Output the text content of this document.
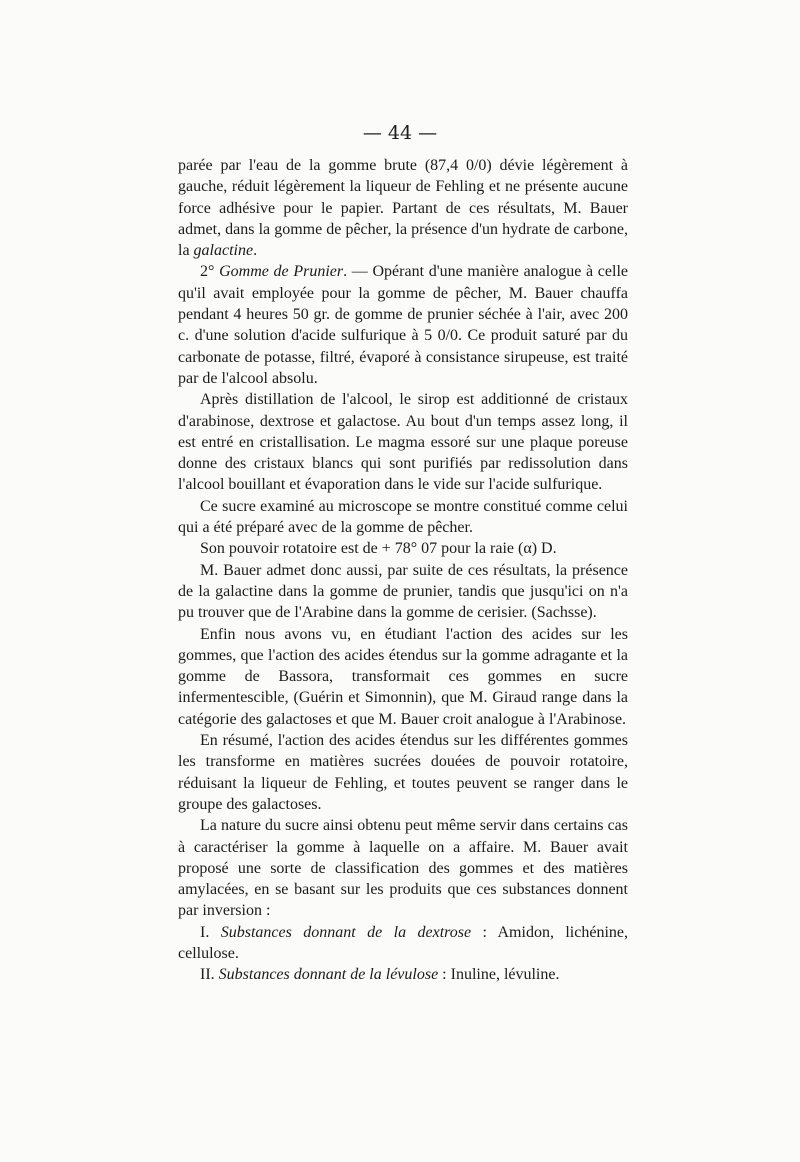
— 44 —

parée par l'eau de la gomme brute (87,4 0/0) dévie légèrement à gauche, réduit légèrement la liqueur de Fehling et ne présente aucune force adhésive pour le papier. Partant de ces résultats, M. Bauer admet, dans la gomme de pêcher, la présence d'un hydrate de carbone, la galactine.

2° Gomme de Prunier. — Opérant d'une manière analogue à celle qu'il avait employée pour la gomme de pêcher, M. Bauer chauffa pendant 4 heures 50 gr. de gomme de prunier séchée à l'air, avec 200 c. d'une solution d'acide sulfurique à 5 0/0. Ce produit saturé par du carbonate de potasse, filtré, évaporé à consistance sirupeuse, est traité par de l'alcool absolu.

Après distillation de l'alcool, le sirop est additionné de cristaux d'arabinose, dextrose et galactose. Au bout d'un temps assez long, il est entré en cristallisation. Le magma essoré sur une plaque poreuse donne des cristaux blancs qui sont purifiés par redissolution dans l'alcool bouillant et évaporation dans le vide sur l'acide sulfurique.

Ce sucre examiné au microscope se montre constitué comme celui qui a été préparé avec de la gomme de pêcher.

Son pouvoir rotatoire est de + 78° 07 pour la raie (α) D.

M. Bauer admet donc aussi, par suite de ces résultats, la présence de la galactine dans la gomme de prunier, tandis que jusqu'ici on n'a pu trouver que de l'Arabine dans la gomme de cerisier. (Sachsse).

Enfin nous avons vu, en étudiant l'action des acides sur les gommes, que l'action des acides étendus sur la gomme adragante et la gomme de Bassora, transformait ces gommes en sucre infermentescible, (Guérin et Simonnin), que M. Giraud range dans la catégorie des galactoses et que M. Bauer croit analogue à l'Arabinose.

En résumé, l'action des acides étendus sur les différentes gommes les transforme en matières sucrées douées de pouvoir rotatoire, réduisant la liqueur de Fehling, et toutes peuvent se ranger dans le groupe des galactoses.

La nature du sucre ainsi obtenu peut même servir dans certains cas à caractériser la gomme à laquelle on a affaire. M. Bauer avait proposé une sorte de classification des gommes et des matières amylacées, en se basant sur les produits que ces substances donnent par inversion :

I. Substances donnant de la dextrose : Amidon, lichénine, cellulose.

II. Substances donnant de la lévulose : Inuline, lévuline.
